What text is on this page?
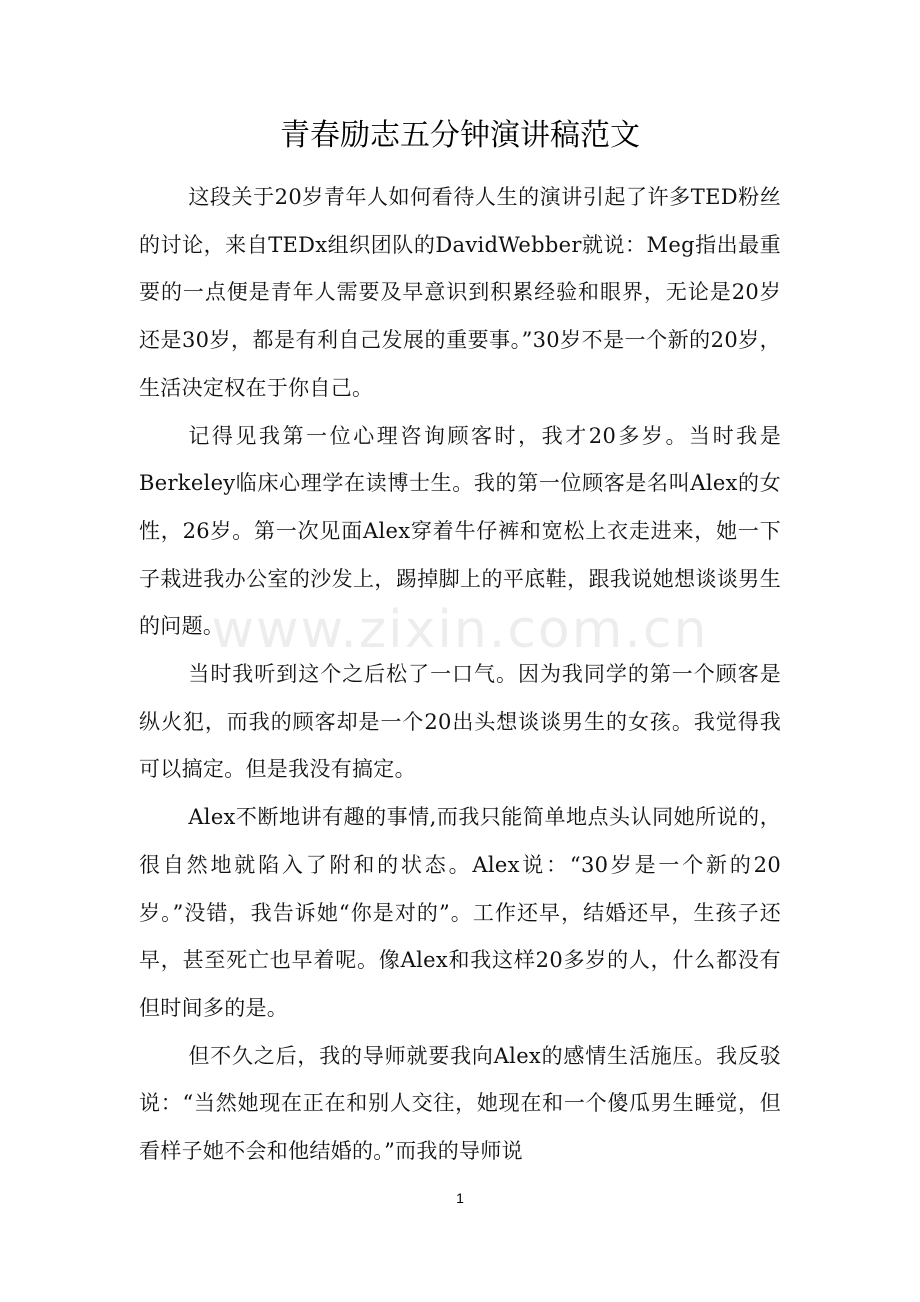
青春励志五分钟演讲稿范文

这段关于20岁青年人如何看待人生的演讲引起了许多TED粉丝的讨论，来自TEDx组织团队的DavidWebber就说：Meg指出最重要的一点便是青年人需要及早意识到积累经验和眼界，无论是20岁还是30岁，都是有利自己发展的重要事。”30岁不是一个新的20岁，生活决定权在于你自己。

记得见我第一位心理咨询顾客时，我才20多岁。当时我是Berkeley临床心理学在读博士生。我的第一位顾客是名叫Alex的女性，26岁。第一次见面Alex穿着牛仔裤和宽松上衣走进来，她一下子栽进我办公室的沙发上，踢掉脚上的平底鞋，跟我说她想谈谈男生的问题。

当时我听到这个之后松了一口气。因为我同学的第一个顾客是纵火犯，而我的顾客却是一个20出头想谈谈男生的女孩。我觉得我可以搞定。但是我没有搞定。

Alex不断地讲有趣的事情,而我只能简单地点头认同她所说的，很自然地就陷入了附和的状态。Alex说：“30岁是一个新的20岁。”没错，我告诉她“你是对的”。工作还早，结婚还早，生孩子还早，甚至死亡也早着呢。像Alex和我这样20多岁的人，什么都没有但时间多的是。

但不久之后，我的导师就要我向Alex的感情生活施压。我反驳说：“当然她现在正在和别人交往，她现在和一个傻瓜男生睡觉，但看样子她不会和他结婚的。”而我的导师说

www.zixin.com.cn
1
